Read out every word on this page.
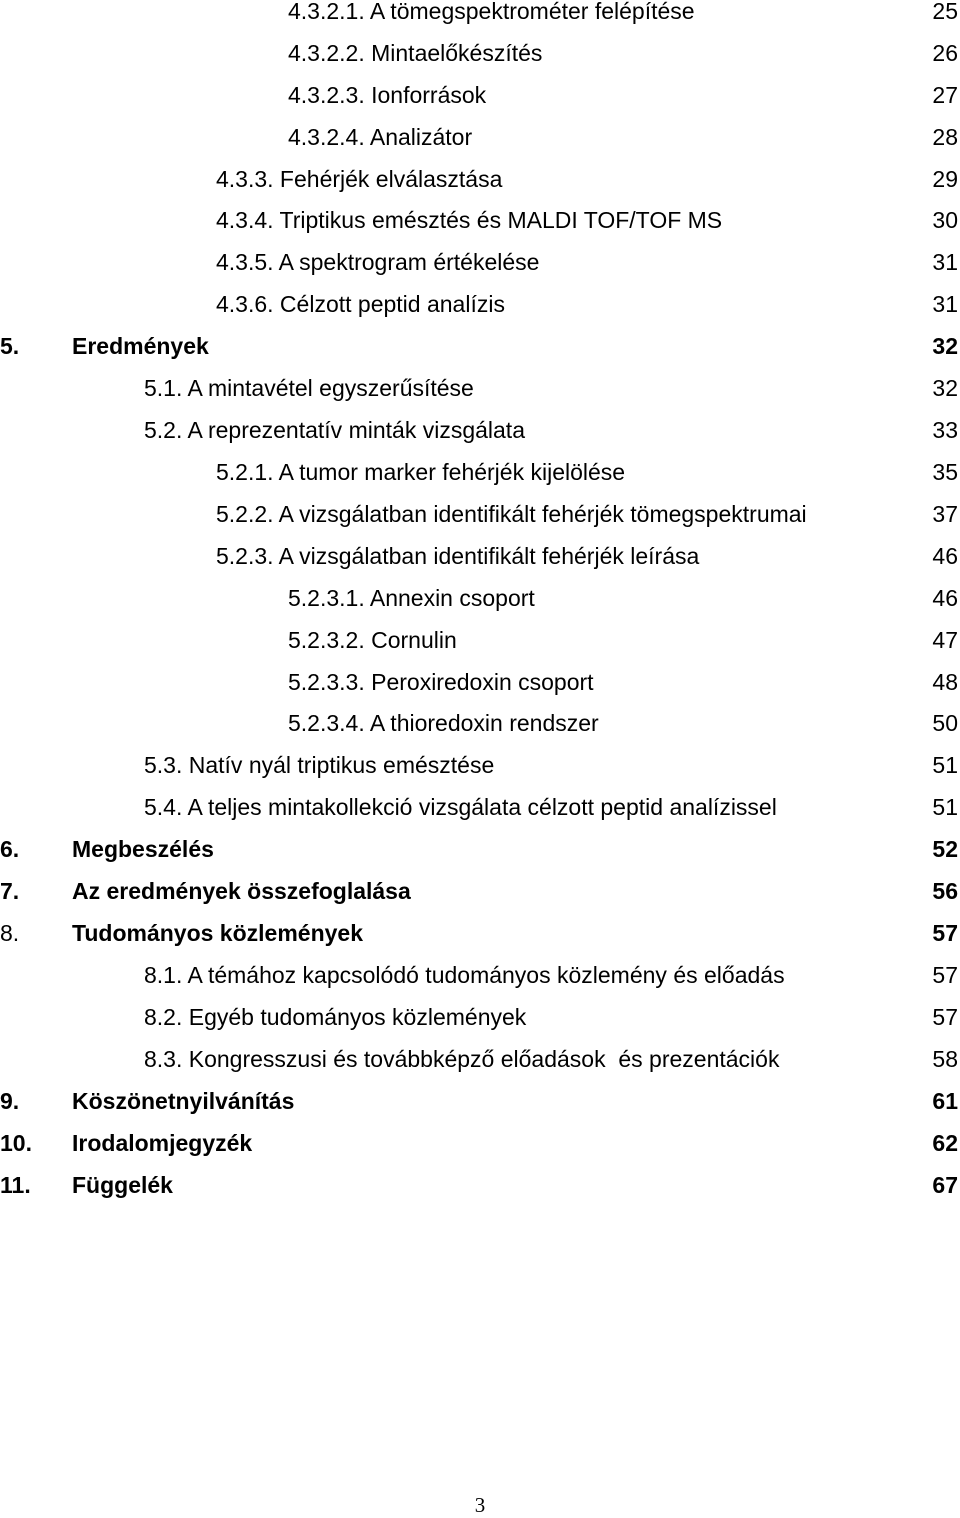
4.3.2.1. A tömegspektrométer felépítése	25
4.3.2.2. Mintaelőkészítés	26
4.3.2.3. Ionforrások	27
4.3.2.4. Analizátor	28
4.3.3. Fehérjék elválasztása	29
4.3.4. Triptikus emésztés és MALDI TOF/TOF MS	30
4.3.5. A spektrogram értékelése	31
4.3.6. Célzott peptid analízis	31
5. Eredmények	32
5.1. A mintavétel egyszerűsítése	32
5.2. A reprezentatív minták vizsgálata	33
5.2.1. A tumor marker fehérjék kijelölése	35
5.2.2. A vizsgálatban identifikált fehérjék tömegspektrumai	37
5.2.3. A vizsgálatban identifikált fehérjék leírása	46
5.2.3.1. Annexin csoport	46
5.2.3.2. Cornulin	47
5.2.3.3. Peroxiredoxin csoport	48
5.2.3.4. A thioredoxin rendszer	50
5.3. Natív nyál triptikus emésztése	51
5.4. A teljes mintakollekció vizsgálata célzott peptid analízissel	51
6. Megbeszélés	52
7. Az eredmények összefoglalása	56
8. Tudományos közlemények	57
8.1. A témához kapcsolódó tudományos közlemény és előadás	57
8.2. Egyéb tudományos közlemények	57
8.3. Kongresszusi és továbbképző előadások  és prezentációk	58
9. Köszönetnyilvánítás	61
10. Irodalomjegyzék	62
11. Függelék	67
3
